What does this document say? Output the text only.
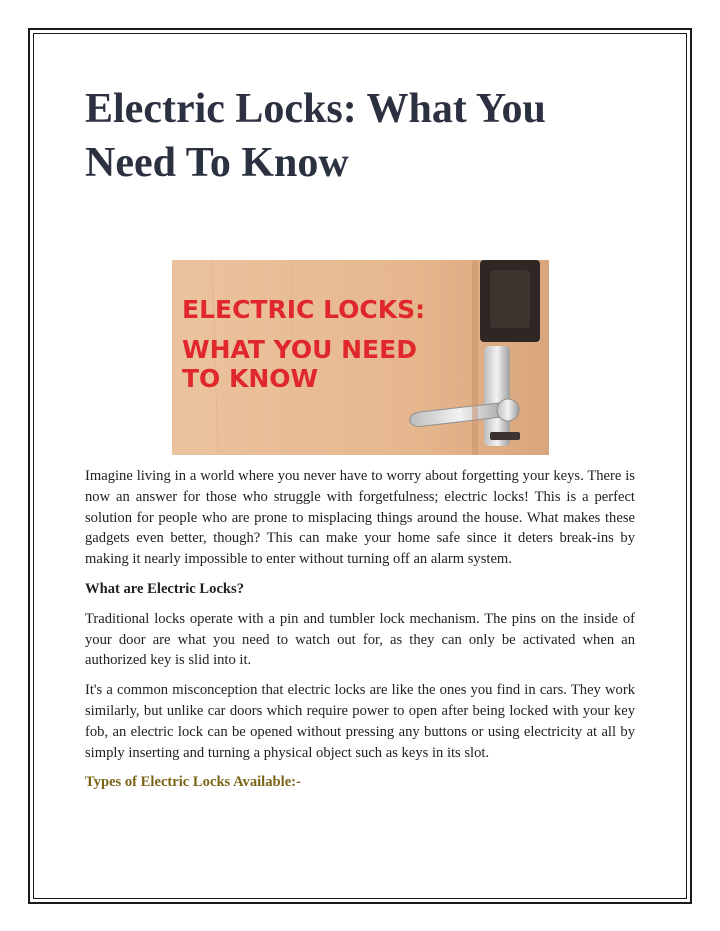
Electric Locks: What You Need To Know
ELECTRIC LOCKS:
WHAT YOU NEED
TO KNOW

Imagine living in a world where you never have to worry about forgetting your keys. There is now an answer for those who struggle with forgetfulness; electric locks! This is a perfect solution for people who are prone to misplacing things around the house. What makes these gadgets even better, though? This can make your home safe since it deters break-ins by making it nearly impossible to enter without turning off an alarm system.

What are Electric Locks?

Traditional locks operate with a pin and tumbler lock mechanism. The pins on the inside of your door are what you need to watch out for, as they can only be activated when an authorized key is slid into it.

It's a common misconception that electric locks are like the ones you find in cars. They work similarly, but unlike car doors which require power to open after being locked with your key fob, an electric lock can be opened without pressing any buttons or using electricity at all by simply inserting and turning a physical object such as keys in its slot.

Types of Electric Locks Available:-
